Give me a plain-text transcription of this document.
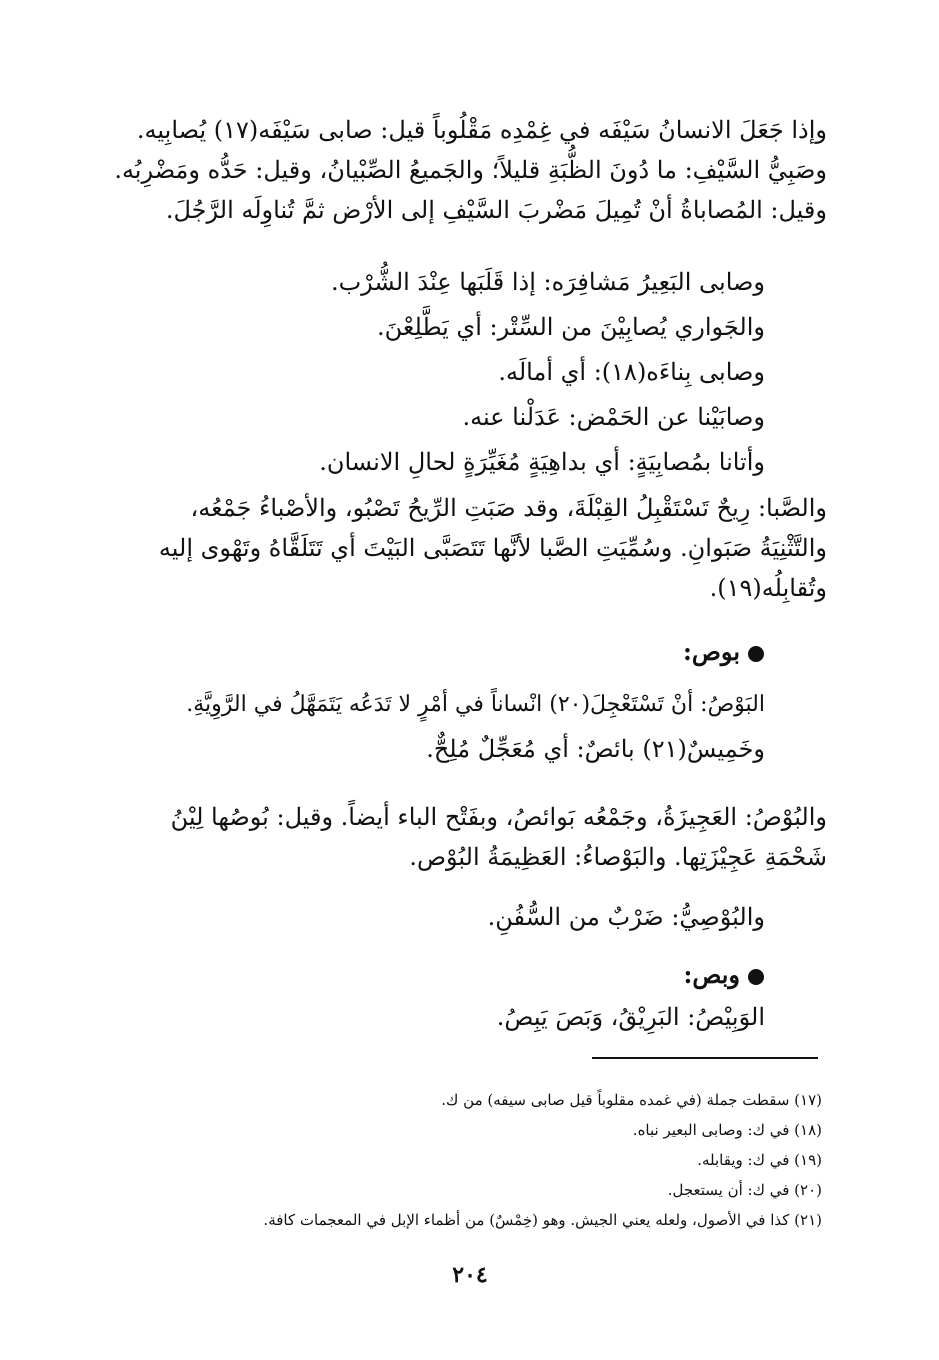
وإذا جَعَلَ الانسانُ سَيْفَه في غِمْدِه مَقْلُوباً قيل: صابى سَيْفَه(١٧) يُصابِيه.
وصَبِيُّ السَّيْفِ: ما دُونَ الظُّبَةِ قليلاً؛ والجَميعُ الصِّبْيانُ، وقيل: حَدُّه ومَضْرِبُه.
وقيل: المُصاباةُ أنْ تُمِيلَ مَضْربَ السَّيْفِ إلى الأرْض ثمَّ تُناوِلَه الرَّجُلَ.
وصابى البَعِيرُ مَشافِرَه: إذا قَلَبَها عِنْدَ الشُّرْب.
والجَواري يُصابِيْنَ من السِّتْر: أي يَطَّلِعْنَ.
وصابى بِناءَه(١٨): أي أمالَه.
وصابَيْنا عن الحَمْض: عَدَلْنا عنه.
وأتانا بمُصابِيَةٍ: أي بداهِيَةٍ مُغَيِّرَةٍ لحالِ الانسان.
والصَّبا: رِيحٌ تَسْتَقْبِلُ القِبْلَةَ، وقد صَبَتِ الرِّيحُ تَصْبُو، والأصْباءُ جَمْعُه،
والتَّثْنِيَةُ صَبَوانِ. وسُمِّيَتِ الصَّبا لأنَّها تَتَصَبَّى البَيْتَ أي تَتَلَقَّاهُ وتَهْوى إليه
وتُقابِلُه(١٩).
بوص:
البَوْصُ: أنْ تَسْتَعْجِلَ(٢٠) انْساناً في أمْرٍ لا تَدَعُه يَتَمَهَّلُ في الرَّوِيَّةِ.
وخَمِيسٌ(٢١) بائصٌ: أي مُعَجِّلٌ مُلِحٌّ.
والبُوْصُ: العَجِيزَةُ، وجَمْعُه بَوائصُ، وبفَتْح الباء أيضاً. وقيل: بُوصُها لِيْنُ
شَحْمَةِ عَجِيْزَتِها. والبَوْصاءُ: العَظِيمَةُ البُوْص.
والبُوْصِيُّ: ضَرْبٌ من السُّفُنِ.
وبص:
الوَبِيْصُ: البَرِيْقُ، وَبَصَ يَبِصُ.
(١٧) سقطت جملة (في غمده مقلوباً قيل صابى سيفه) من ك.
(١٨) في ك: وصابى البعير نباه.
(١٩) في ك: ويقابله.
(٢٠) في ك: أن يستعجل.
(٢١) كذا في الأصول، ولعله يعني الجيش. وهو (خِمْسٌ) من أظماء الإبل في المعجمات كافة.
٢٠٤
